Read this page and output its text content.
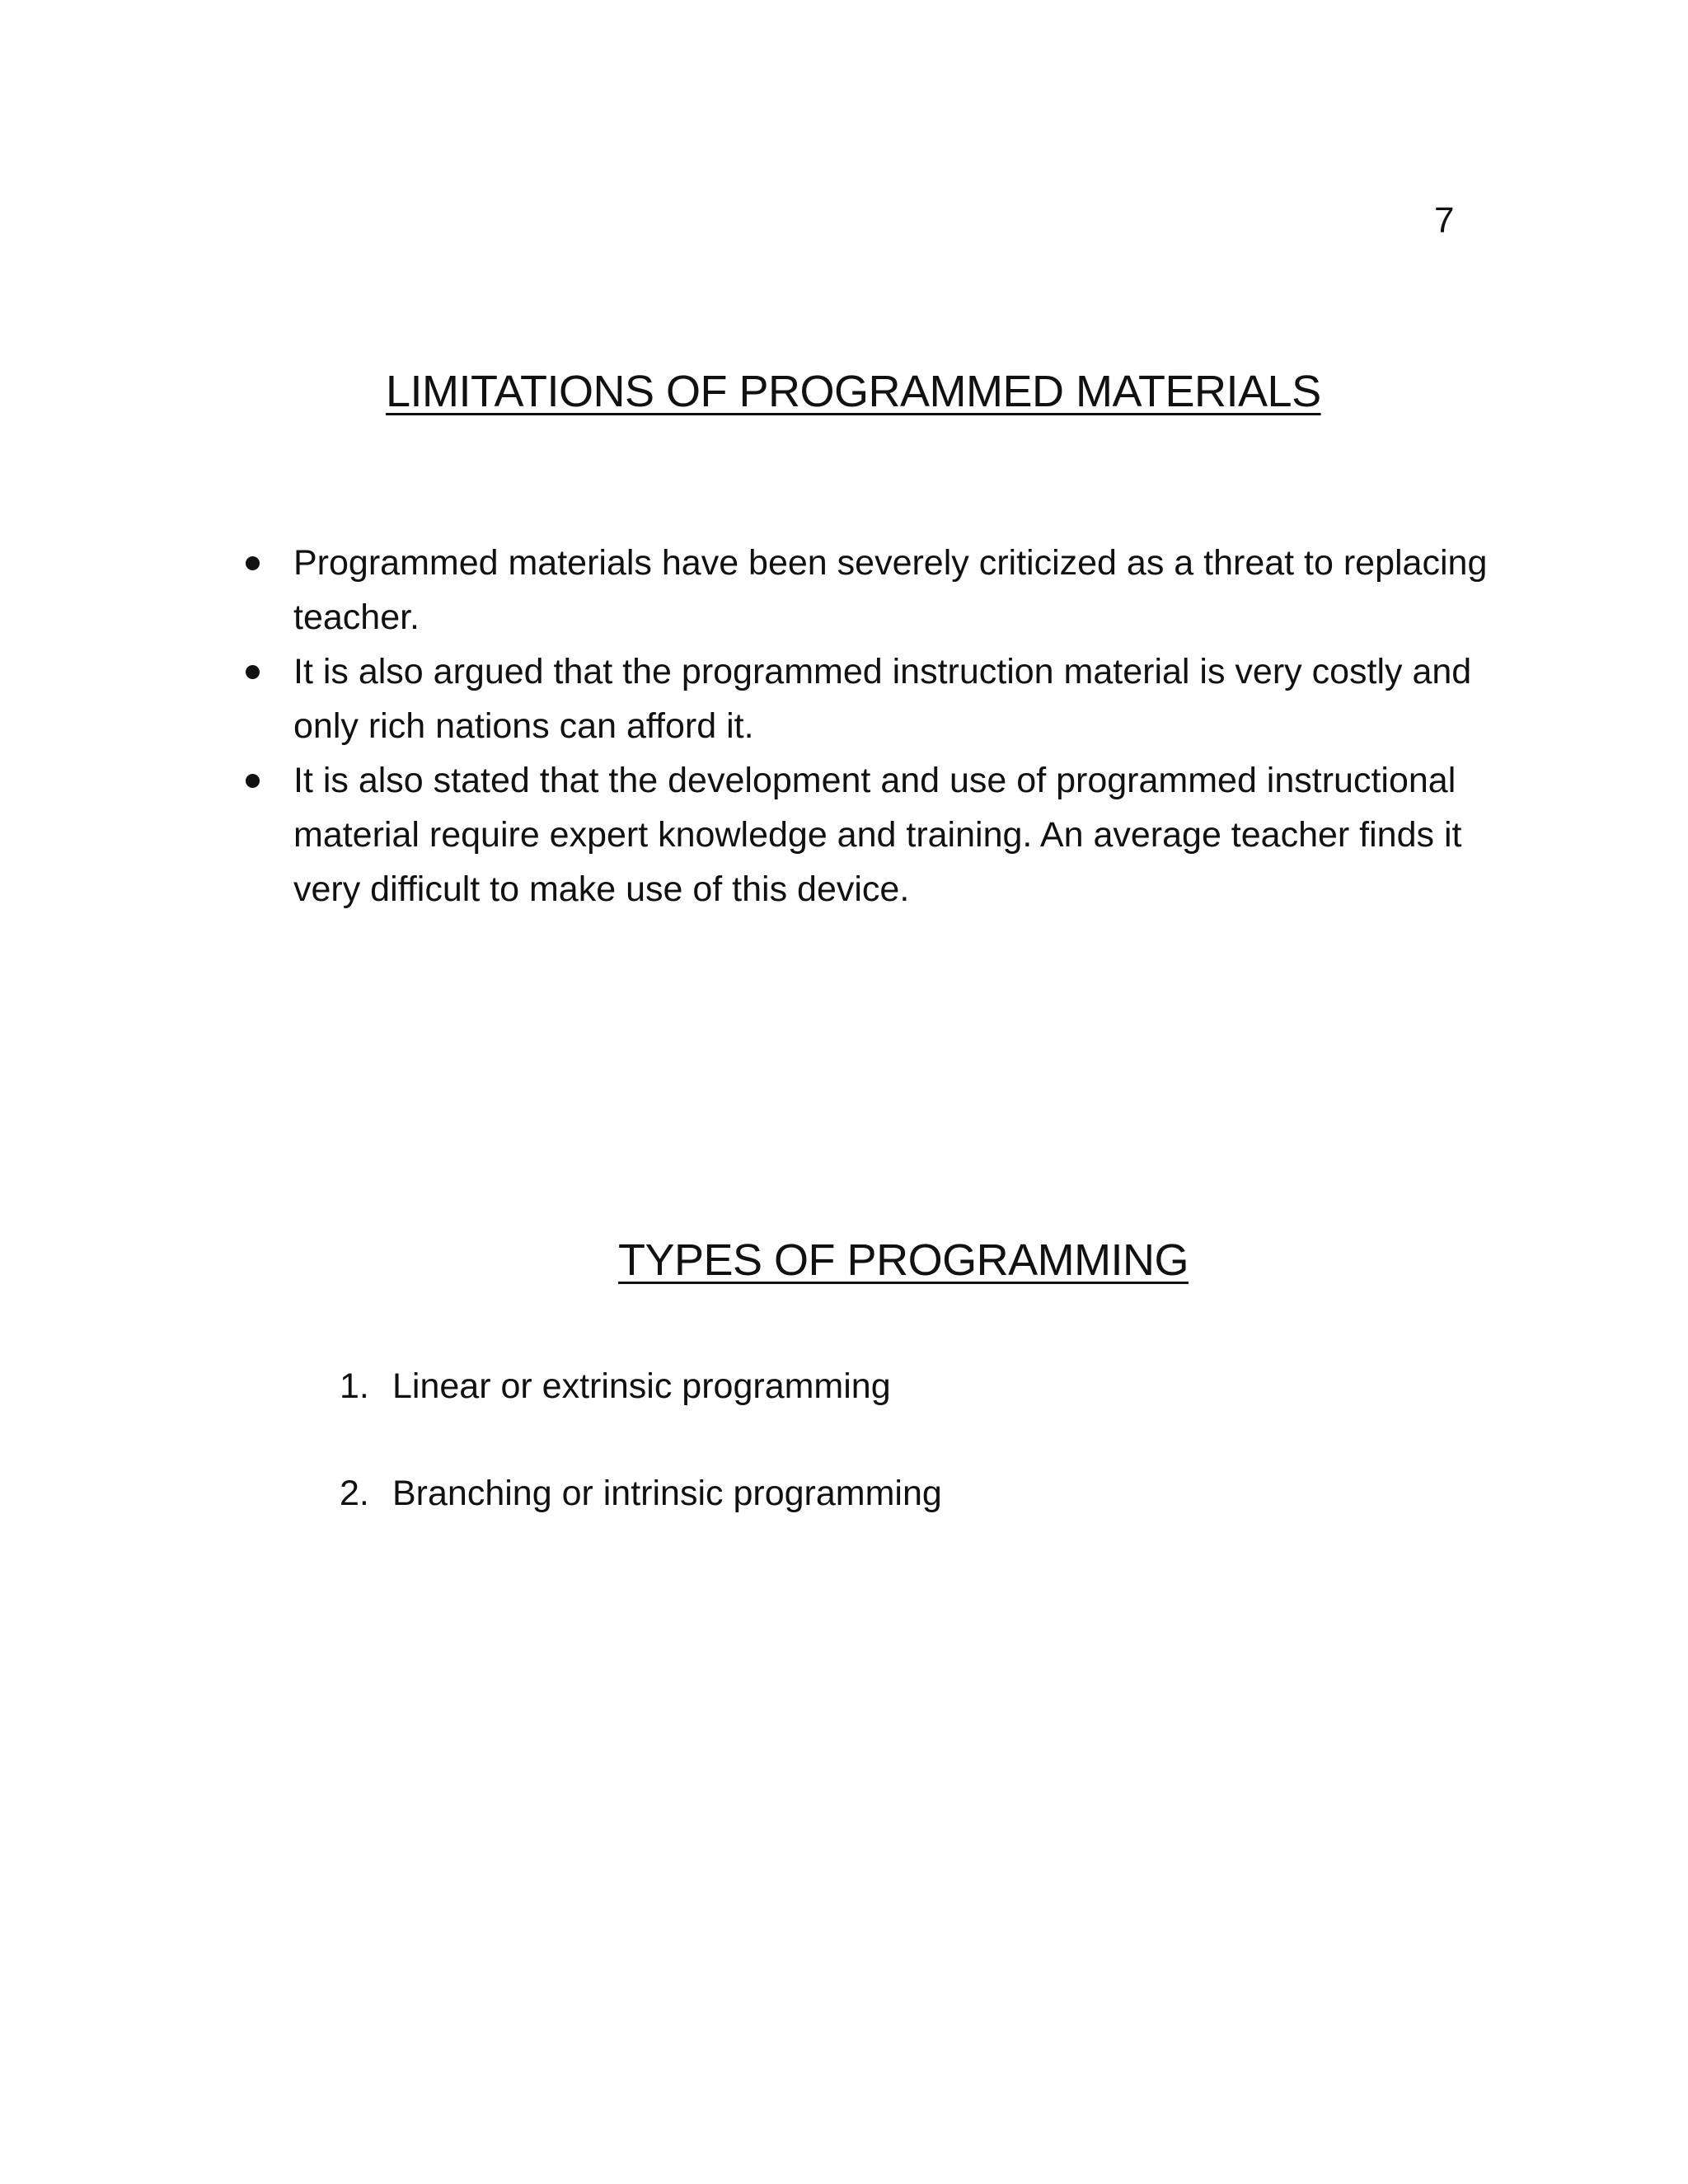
7
LIMITATIONS OF PROGRAMMED MATERIALS
Programmed materials have been severely criticized as a threat to replacing teacher.
It is also argued that the programmed instruction material is very costly and only rich nations can afford it.
It is also stated that the development and use of programmed instructional material require expert knowledge and training. An average teacher finds it very difficult to make use of this device.
TYPES OF PROGRAMMING
1. Linear or extrinsic programming
2. Branching or intrinsic programming
